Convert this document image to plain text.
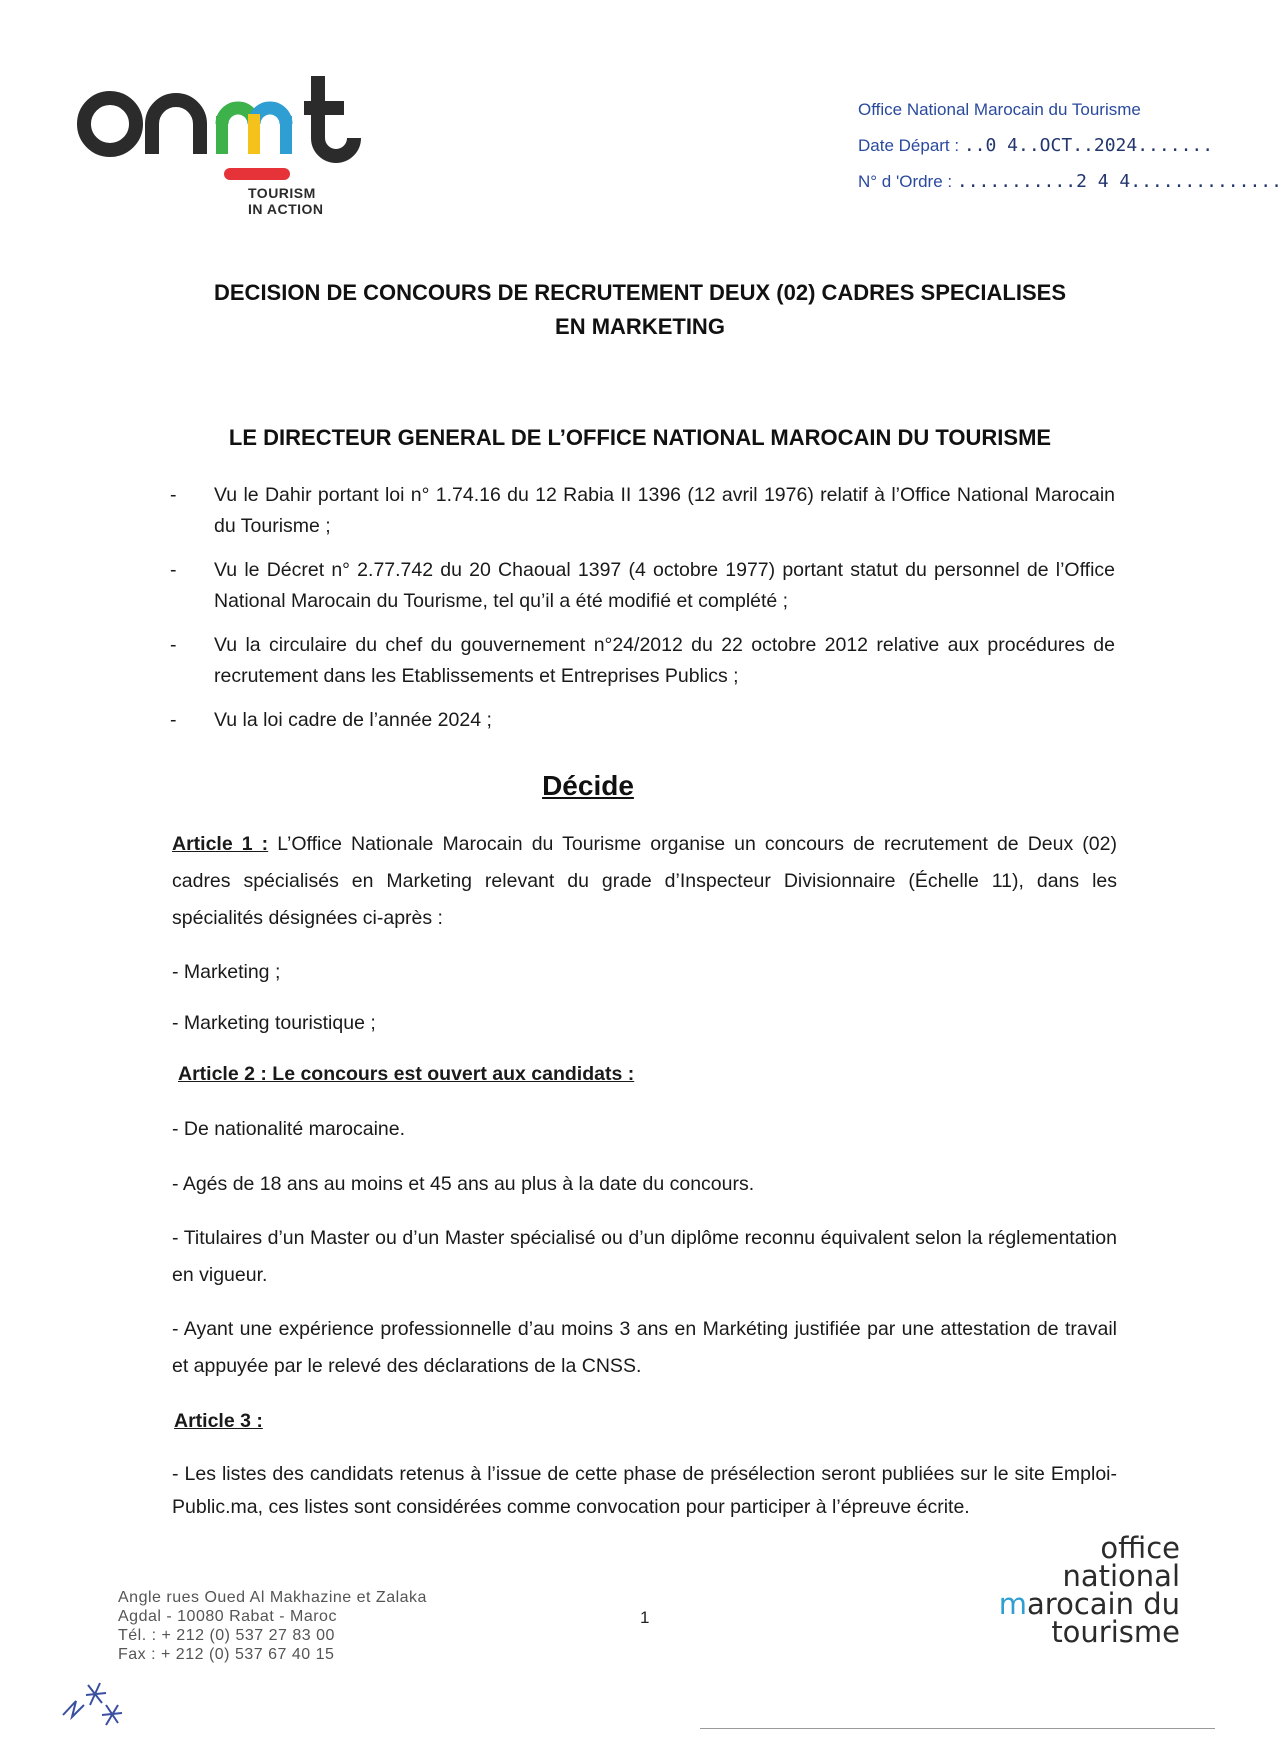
TOURISM
IN ACTION
Office National Marocain du Tourisme
Date Départ : ..0 4..OCT..2024.......
N° d 'Ordre : ...........2 4 4..............
DECISION DE CONCOURS DE RECRUTEMENT DEUX (02) CADRES SPECIALISES
EN MARKETING
LE DIRECTEUR GENERAL DE L’OFFICE NATIONAL MAROCAIN DU TOURISME
- Vu le Dahir portant loi n° 1.74.16 du 12 Rabia II 1396 (12 avril 1976) relatif à l’Office National Marocain du Tourisme ;
- Vu le Décret n° 2.77.742 du 20 Chaoual 1397 (4 octobre 1977) portant statut du personnel de l’Office National Marocain du Tourisme, tel qu’il a été modifié et complété ;
- Vu la circulaire du chef du gouvernement n°24/2012 du 22 octobre 2012 relative aux procédures de recrutement dans les Etablissements et Entreprises Publics ;
- Vu la loi cadre de l’année 2024 ;
Décide
Article 1 : L’Office Nationale Marocain du Tourisme organise un concours de recrutement de Deux (02) cadres spécialisés en Marketing relevant du grade d’Inspecteur Divisionnaire (Échelle 11), dans les spécialités désignées ci-après :
- Marketing ;
- Marketing touristique ;
Article 2 : Le concours est ouvert aux candidats :
- De nationalité marocaine.
- Agés de 18 ans au moins et 45 ans au plus à la date du concours.
- Titulaires d’un Master ou d’un Master spécialisé ou d’un diplôme reconnu équivalent selon la réglementation en vigueur.
- Ayant une expérience professionnelle d’au moins 3 ans en Markéting justifiée par une attestation de travail et appuyée par le relevé des déclarations de la CNSS.
Article 3 :
- Les listes des candidats retenus à l’issue de cette phase de présélection seront publiées sur le site Emploi-Public.ma, ces listes sont considérées comme convocation pour participer à l’épreuve écrite.
Angle rues Oued Al Makhazine et Zalaka
Agdal - 10080 Rabat - Maroc
Tél. : + 212 (0) 537 27 83 00
Fax : + 212 (0) 537 67 40 15
1
office
national
marocain du
tourisme
